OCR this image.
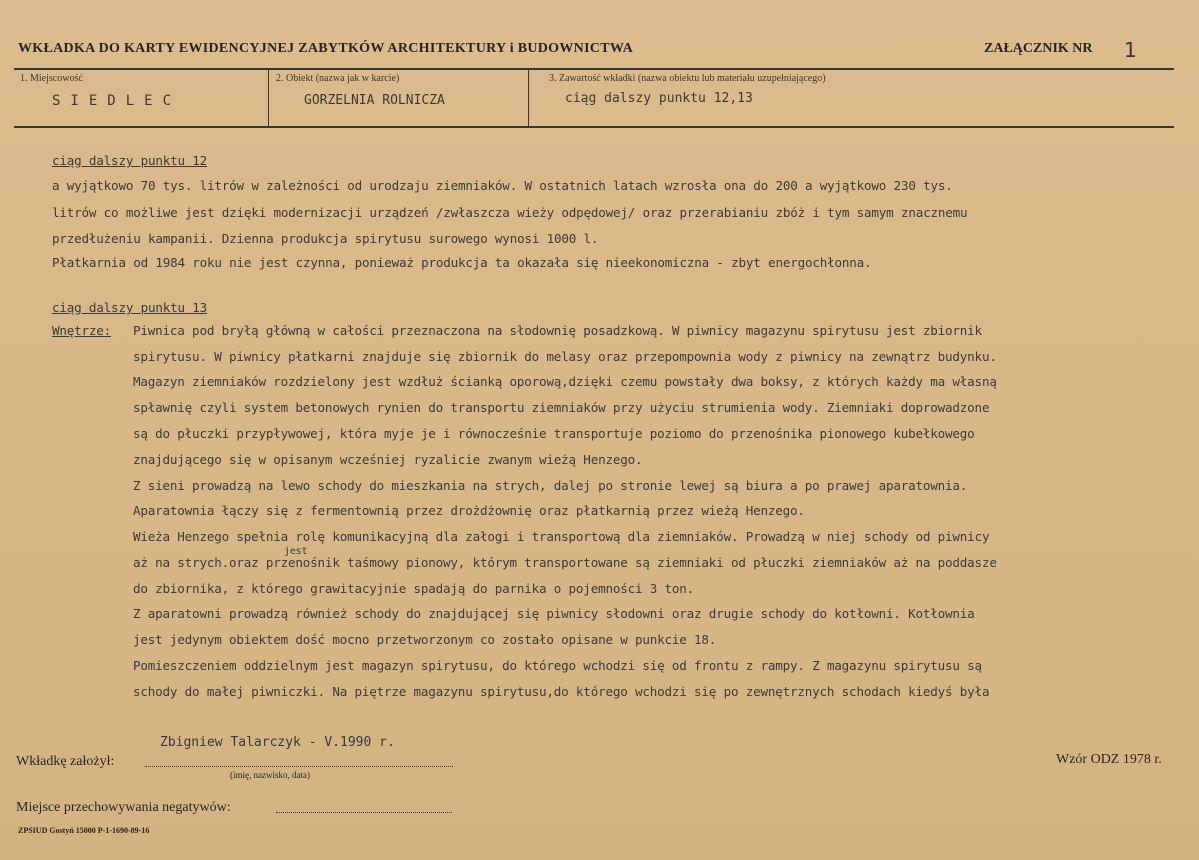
WKŁADKA DO KARTY EWIDENCYJNEJ ZABYTKÓW ARCHITEKTURY i BUDOWNICTWA	ZAŁĄCZNIK NR 1
1. Miejscowość	2. Obiekt (nazwa jak w karcie)	3. Zawartość wkładki (nazwa obiektu lub materiału uzupełniającego)
SIEDLEC	GORZELNIA ROLNICZA	ciąg dalszy punktu 12,13
ciąg dalszy punktu 12
a wyjątkowo 70 tys. litrów w zależności od urodzaju ziemniaków. W ostatnich latach wzrosła ona do 200 a wyjątkowo 230 tys.
litrów co możliwe jest dzięki modernizacji urządzeń /zwłaszcza wieży odpędowej/ oraz przerabianiu zbóż i tym samym znacznemu
przedłużeniu kampanii. Dzienna produkcja spirytusu surowego wynosi 1000 l.
Płatkarnia od 1984 roku nie jest czynna, ponieważ produkcja ta okazała się nieekonomiczna - zbyt energochłonna.
ciąg dalszy punktu 13
Wnętrze: Piwnica pod bryłą główną w całości przeznaczona na słodownię posadzkową. W piwnicy magazynu spirytusu jest zbiornik
spirytusu. W piwnicy płatkarni znajduje się zbiornik do melasy oraz przepompownia wody z piwnicy na zewnątrz budynku.
Magazyn ziemniaków rozdzielony jest wzdłuż ścianką oporową,dzięki czemu powstały dwa boksy, z których każdy ma własną
spławnię czyli system betonowych rynien do transportu ziemniaków przy użyciu strumienia wody. Ziemniaki doprowadzone
są do płuczki przypływowej, która myje je i równocześnie transportuje poziomo do przenośnika pionowego kubełkowego
znajdującego się w opisanym wcześniej ryzalicie zwanym wieżą Henzego.
Z sieni prowadzą na lewo schody do mieszkania na strych, dalej po stronie lewej są biura a po prawej aparatownia.
Aparatownia łączy się z fermentownią przez drożdżownię oraz płatkarnią przez wieżą Henzego.
Wieża Henzego spełnia rolę komunikacyjną dla załogi i transportową dla ziemniaków. Prowadzą w niej schody od piwnicy
jest
aż na strych.oraz przenośnik taśmowy pionowy, którym transportowane są ziemniaki od płuczki ziemniaków aż na poddasze
do zbiornika, z którego grawitacyjnie spadają do parnika o pojemności 3 ton.
Z aparatowni prowadzą również schody do znajdującej się piwnicy słodowni oraz drugie schody do kotłowni. Kotłownia
jest jedynym obiektem dość mocno przetworzonym co zostało opisane w punkcie 18.
Pomieszczeniem oddzielnym jest magazyn spirytusu, do którego wchodzi się od frontu z rampy. Z magazynu spirytusu są
schody do małej piwniczki. Na piętrze magazynu spirytusu,do którego wchodzi się po zewnętrznych schodach kiedyś była
Zbigniew Talarczyk - V.1990 r.
Wkładkę założył:
(imię, nazwisko, data)
Wzór ODZ 1978 r.
Miejsce przechowywania negatywów:
ZPSIUD Gostyń 15000 P-1-1690-89-16
